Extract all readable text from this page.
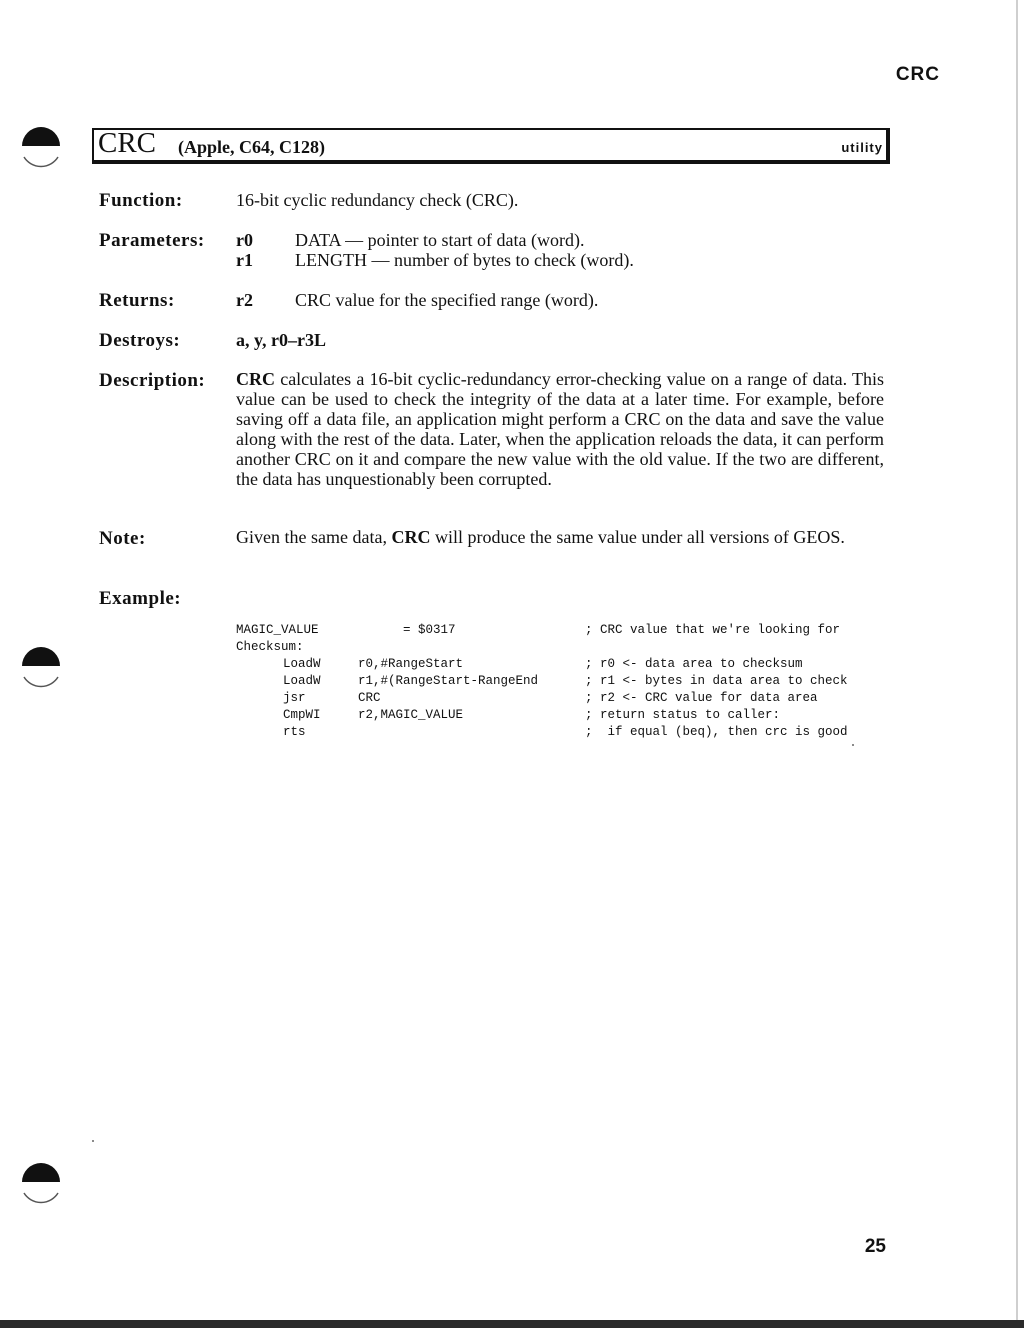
CRC
CRC (Apple, C64, C128)	utility
Function:	16-bit cyclic redundancy check (CRC).
Parameters: r0 DATA — pointer to start of data (word).
r1 LENGTH — number of bytes to check (word).
Returns:	r2 CRC value for the specified range (word).
Destroys:	a, y, r0–r3L
Description: CRC calculates a 16-bit cyclic-redundancy error-checking value on a range of data. This value can be used to check the integrity of the data at a later time. For example, before saving off a data file, an application might perform a CRC on the data and save the value along with the rest of the data. Later, when the application reloads the data, it can perform another CRC on it and compare the new value with the old value. If the two are different, the data has unquestionably been corrupted.
Note:	Given the same data, CRC will produce the same value under all versions of GEOS.
Example:

MAGIC_VALUE	= $0317	; CRC value that we're looking for

Checksum:

LoadW	r0,#RangeStart	; r0 <- data area to checksum

LoadW	r1,#(RangeStart-RangeEnd	; r1 <- bytes in data area to check

jsr	CRC	; r2 <- CRC value for data area

CmpWI	r2,MAGIC_VALUE	; return status to caller:

rts	;  if equal (beq), then crc is good

25
